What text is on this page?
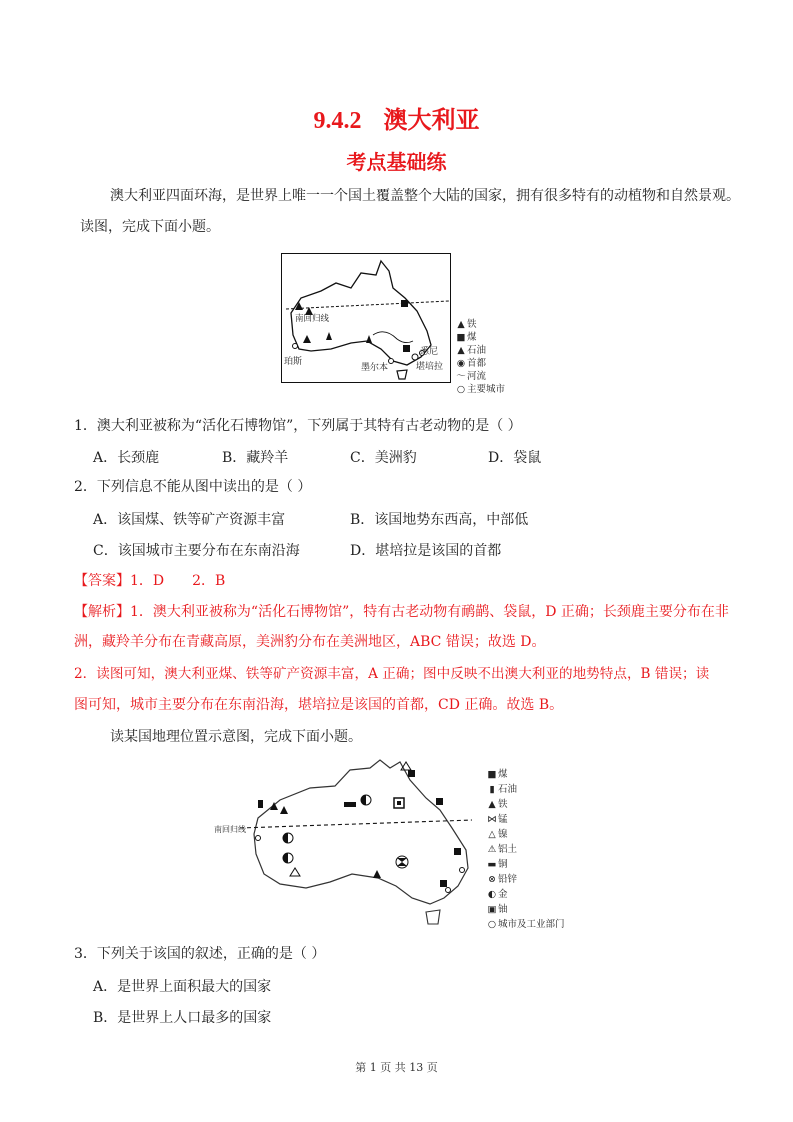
9.4.2 澳大利亚
考点基础练
澳大利亚四面环海，是世界上唯一一个国土覆盖整个大陆的国家，拥有很多特有的动植物和自然景观。
读图，完成下面小题。
南回归线
珀斯
墨尔本
悉尼
堪培拉
▲ 铁
■ 煤
▲ 石油
◉ 首都
〜河流
○ 主要城市
1．澳大利亚被称为“活化石博物馆”，下列属于其特有古老动物的是（ ）
A．长颈鹿	B．藏羚羊	C．美洲豹	D．袋鼠
2．下列信息不能从图中读出的是（ ）
A．该国煤、铁等矿产资源丰富	B．该国地势东西高，中部低
C．该国城市主要分布在东南沿海	D．堪培拉是该国的首都
【答案】1．D　　2．B
【解析】1．澳大利亚被称为“活化石博物馆”，特有古老动物有鸸鹋、袋鼠，D 正确；长颈鹿主要分布在非
洲，藏羚羊分布在青藏高原，美洲豹分布在美洲地区，ABC 错误；故选 D。
2．读图可知，澳大利亚煤、铁等矿产资源丰富，A 正确；图中反映不出澳大利亚的地势特点，B 错误；读
图可知，城市主要分布在东南沿海，堪培拉是该国的首都，CD 正确。故选 B。
读某国地理位置示意图，完成下面小题。
南回归线
■ 煤
▮ 石油
▲ 铁
⋈锰
△ 镍
⚠ 铝土
▬ 铜
⊗ 铅锌
◐ 金
▣ 铀
○ 城市及工业部门
3．下列关于该国的叙述，正确的是（ ）
A．是世界上面积最大的国家
B．是世界上人口最多的国家
第 1 页 共 13 页
